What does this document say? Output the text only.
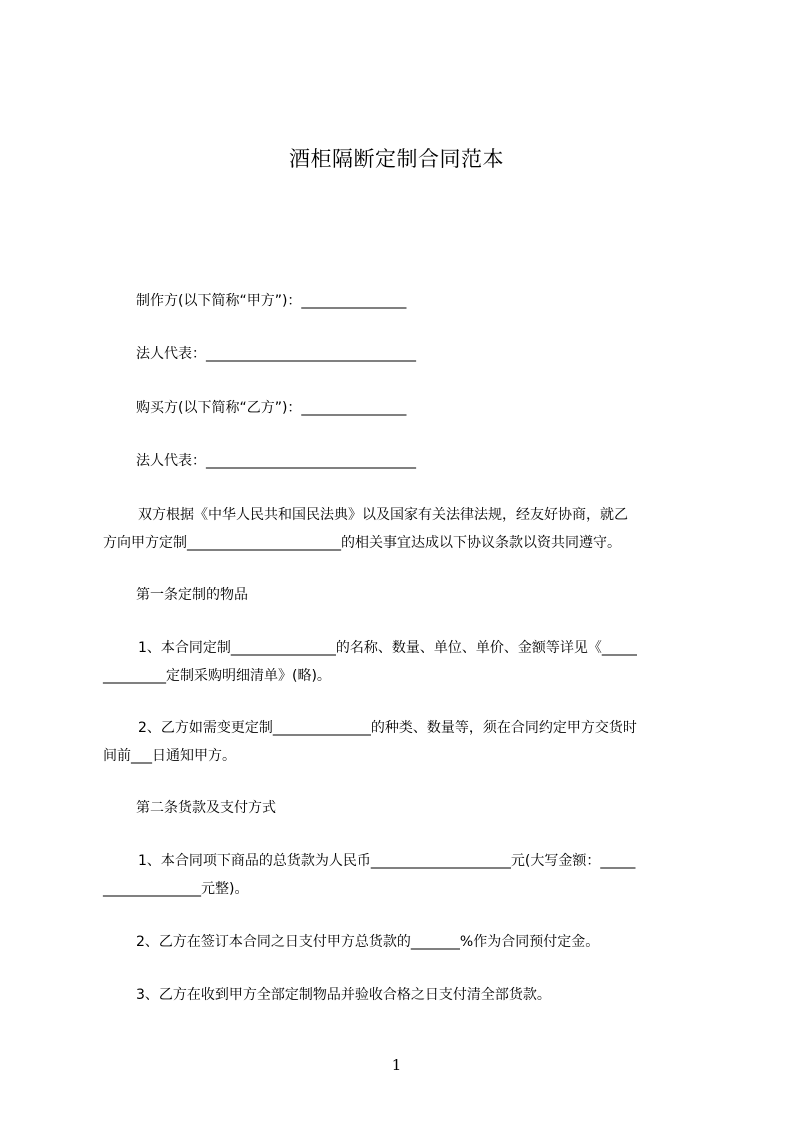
酒柜隔断定制合同范本
制作方(以下简称“甲方”)：_______________
法人代表：______________________________
购买方(以下简称“乙方”)：_______________
法人代表：______________________________
双方根据《中华人民共和国民法典》以及国家有关法律法规，经友好协商，就乙
方向甲方定制______________________的相关事宜达成以下协议条款以资共同遵守。
第一条定制的物品
1、本合同定制_______________的名称、数量、单位、单价、金额等详见《_____
_________定制采购明细清单》(略)。
2、乙方如需变更定制______________的种类、数量等，须在合同约定甲方交货时
间前___日通知甲方。
第二条货款及支付方式
1、本合同项下商品的总货款为人民币____________________元(大写金额：_____
______________元整)。
2、乙方在签订本合同之日支付甲方总货款的_______%作为合同预付定金。
3、乙方在收到甲方全部定制物品并验收合格之日支付清全部货款。
1
